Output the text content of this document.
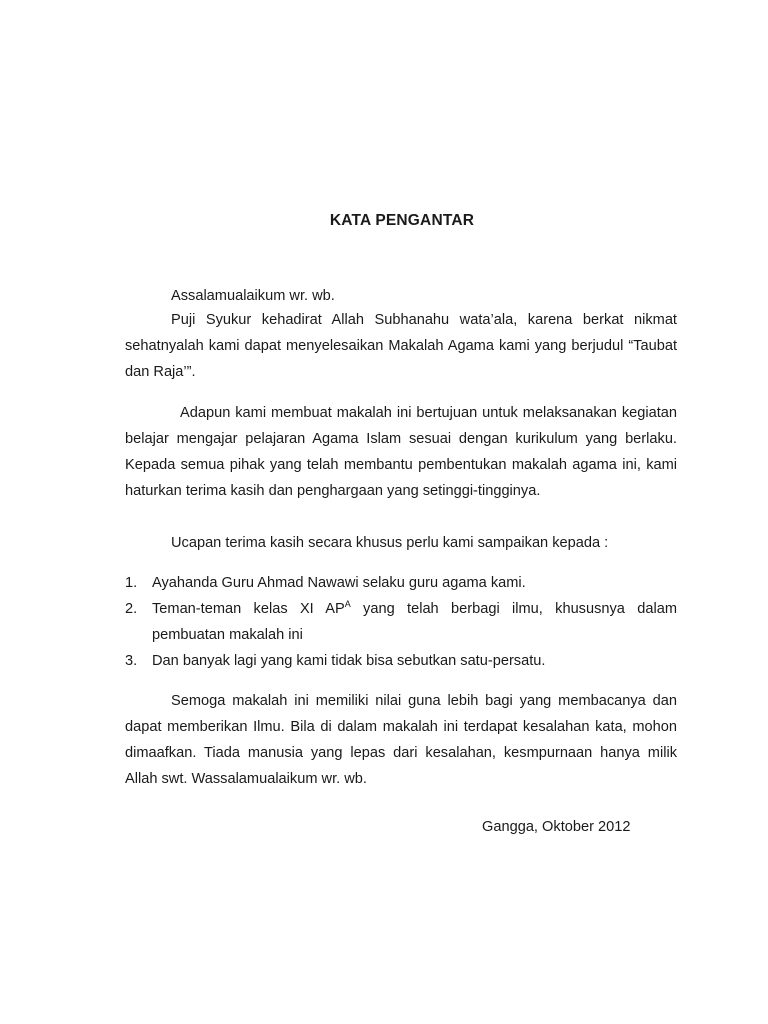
KATA PENGANTAR
Assalamualaikum wr. wb.
Puji Syukur kehadirat Allah Subhanahu wata’ala, karena berkat nikmat sehatnyalah kami dapat menyelesaikan Makalah Agama kami yang berjudul “Taubat dan Raja’”.
Adapun kami membuat makalah ini bertujuan untuk melaksanakan kegiatan belajar mengajar pelajaran Agama Islam sesuai dengan kurikulum yang berlaku. Kepada semua pihak yang telah membantu pembentukan makalah agama ini, kami haturkan terima kasih dan penghargaan yang setinggi-tingginya.
Ucapan terima kasih secara khusus perlu kami sampaikan kepada :
1. Ayahanda Guru Ahmad Nawawi selaku guru agama kami.
2. Teman-teman kelas XI $AP^A$ yang telah berbagi ilmu, khususnya dalam pembuatan makalah ini
3. Dan banyak lagi yang kami tidak bisa sebutkan satu-persatu.
Semoga makalah ini memiliki nilai guna lebih bagi yang membacanya dan dapat memberikan Ilmu. Bila di dalam makalah ini terdapat kesalahan kata, mohon dimaafkan. Tiada manusia yang lepas dari kesalahan, kesmpurnaan hanya milik Allah swt. Wassalamualaikum wr. wb.
Gangga, Oktober 2012
